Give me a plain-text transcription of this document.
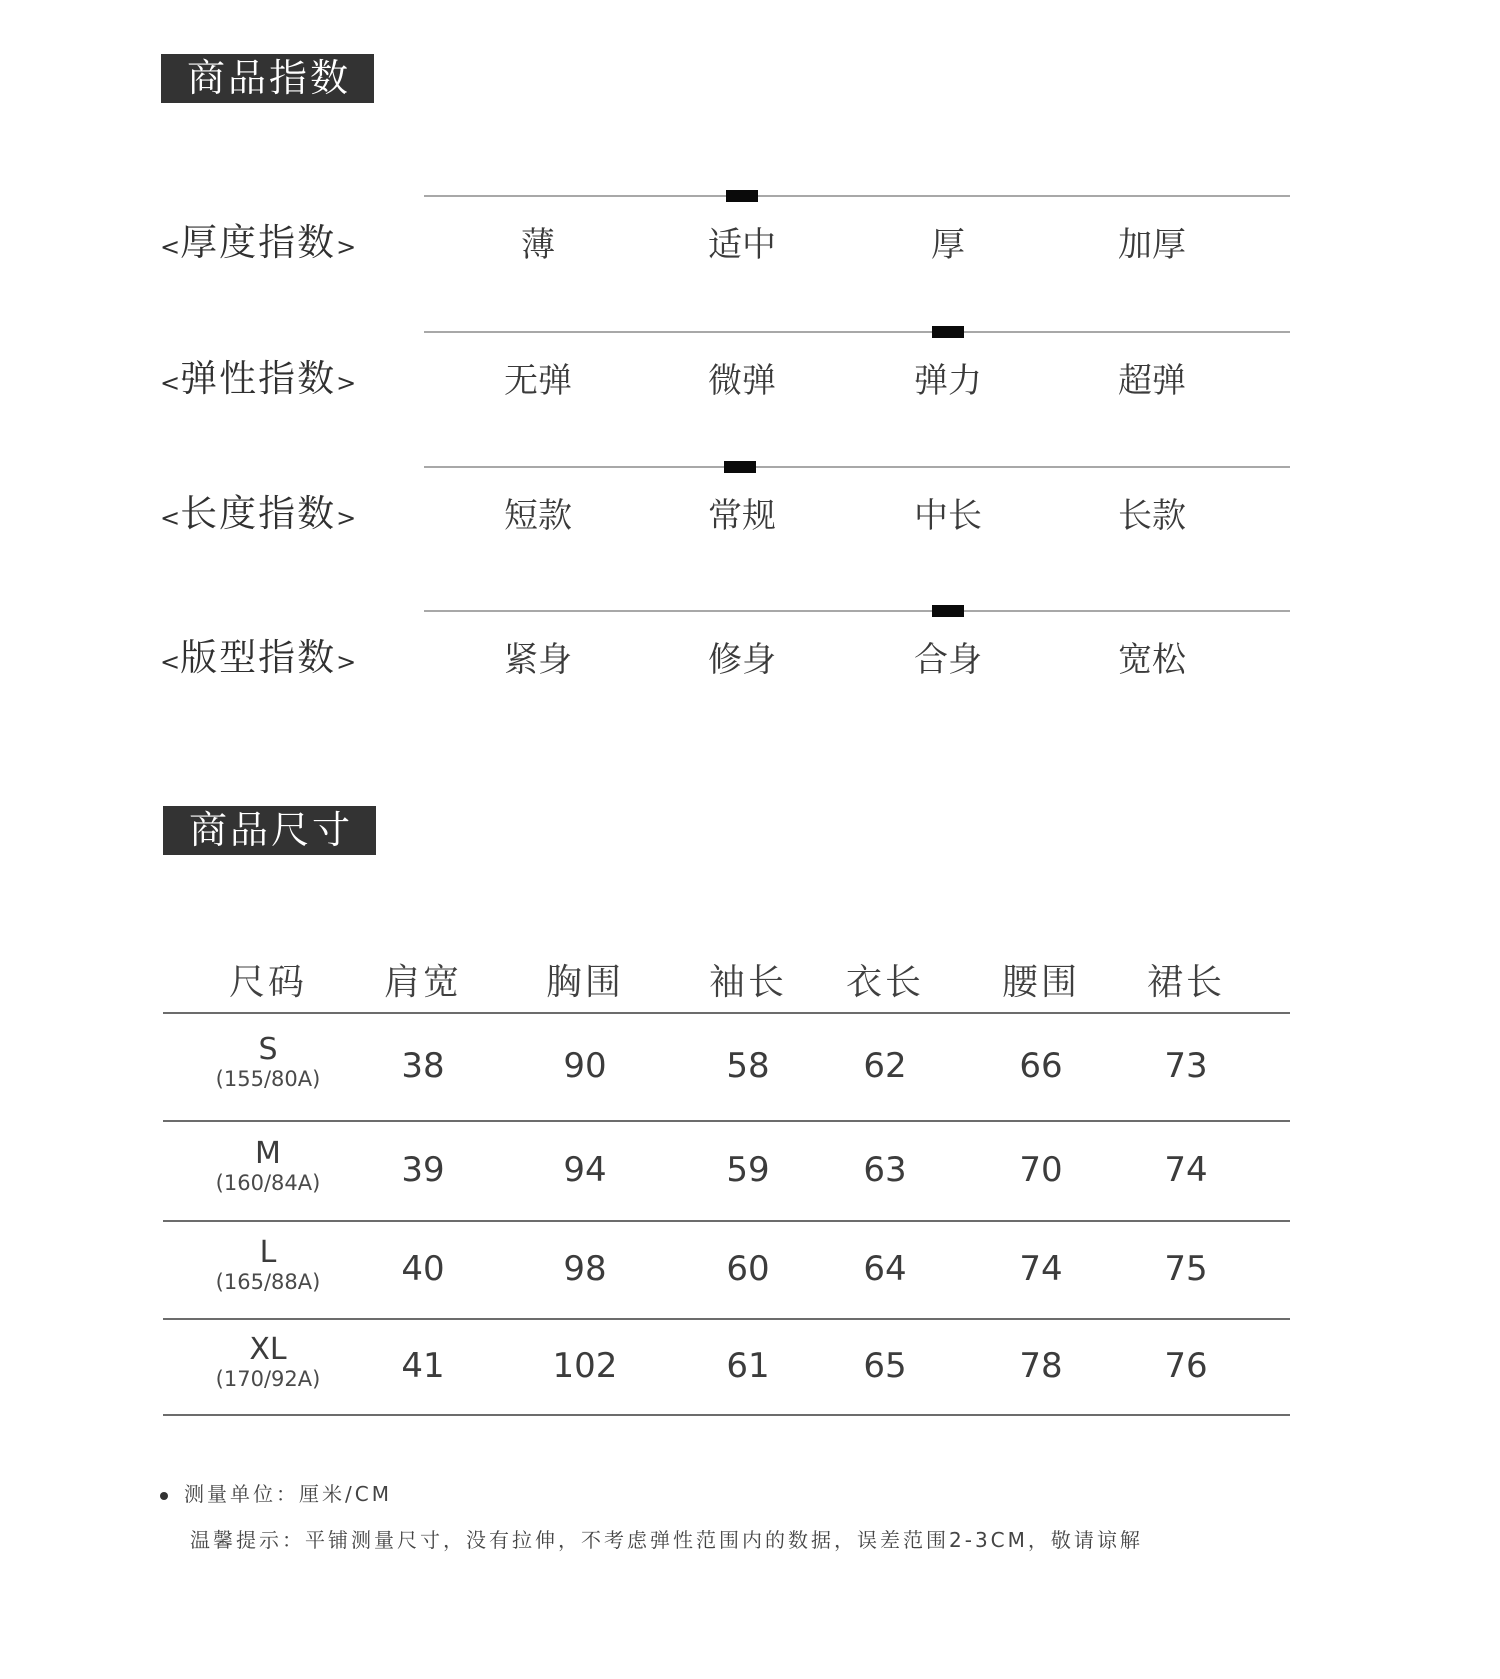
商品指数
<厚度指数>	薄	适中	厚	加厚
<弹性指数>	无弹	微弹	弹力	超弹
<长度指数>	短款	常规	中长	长款
<版型指数>	紧身	修身	合身	宽松
商品尺寸
尺码	肩宽	胸围	袖长	衣长	腰围	裙长
S
(155/80A)	38	90	58	62	66	73
M
(160/84A)	39	94	59	63	70	74
L
(165/88A)	40	98	60	64	74	75
XL
(170/92A)	41	102	61	65	78	76
测量单位：厘米/CM
温馨提示：平铺测量尺寸，没有拉伸，不考虑弹性范围内的数据，误差范围2-3CM，敬请谅解
